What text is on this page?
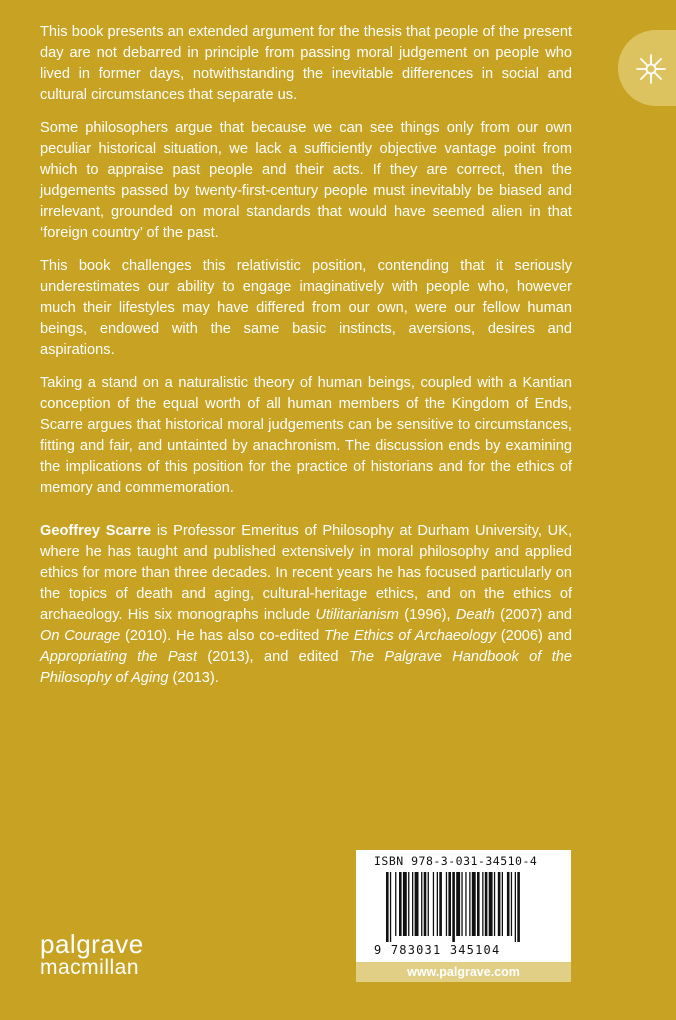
This book presents an extended argument for the thesis that people of the present day are not debarred in principle from passing moral judgement on people who lived in former days, notwithstanding the inevitable differences in social and cultural circumstances that separate us.

Some philosophers argue that because we can see things only from our own peculiar historical situation, we lack a sufficiently objective vantage point from which to appraise past people and their acts. If they are correct, then the judgements passed by twenty-first-century people must inevitably be biased and irrelevant, grounded on moral standards that would have seemed alien in that ‘foreign country’ of the past.

This book challenges this relativistic position, contending that it seriously underestimates our ability to engage imaginatively with people who, however much their lifestyles may have differed from our own, were our fellow human beings, endowed with the same basic instincts, aversions, desires and aspirations.

Taking a stand on a naturalistic theory of human beings, coupled with a Kantian conception of the equal worth of all human members of the Kingdom of Ends, Scarre argues that historical moral judgements can be sensitive to circumstances, fitting and fair, and untainted by anachronism. The discussion ends by examining the implications of this position for the practice of historians and for the ethics of memory and commemoration.

Geoffrey Scarre is Professor Emeritus of Philosophy at Durham University, UK, where he has taught and published extensively in moral philosophy and applied ethics for more than three decades. In recent years he has focused particularly on the topics of death and aging, cultural-heritage ethics, and on the ethics of archaeology. His six monographs include Utilitarianism (1996), Death (2007) and On Courage (2010). He has also co-edited The Ethics of Archaeology (2006) and Appropriating the Past (2013), and edited The Palgrave Handbook of the Philosophy of Aging (2013).

ISBN 978-3-031-34510-4
9 783031 345104
www.palgrave.com
palgrave
macmillan
